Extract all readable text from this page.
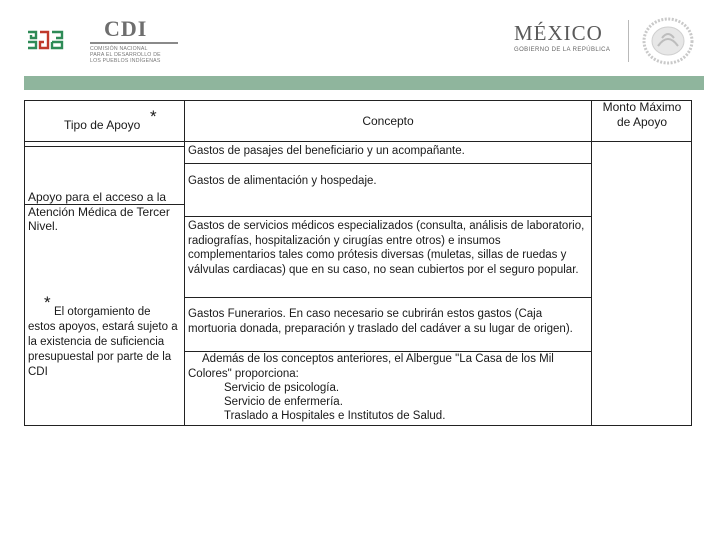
CDI
COMISIÓN NACIONAL
PARA EL DESARROLLO DE
LOS PUEBLOS INDÍGENAS
MÉXICO
GOBIERNO DE LA REPÚBLICA
Tipo de Apoyo *	Concepto
Monto Máximo de Apoyo
Apoyo para el acceso a la Atención Médica de Tercer Nivel.
* El otorgamiento de
estos apoyos, estará sujeto a la existencia de suficiencia presupuestal por parte de la CDI
Gastos de pasajes del beneficiario y un acompañante.
Gastos de alimentación y hospedaje.
Gastos de servicios médicos especializados (consulta, análisis de laboratorio, radiografías, hospitalización y cirugías entre otros) e insumos complementarios tales como prótesis diversas (muletas, sillas de ruedas y válvulas cardiacas) que en su caso, no sean cubiertos por el seguro popular.
Gastos Funerarios. En caso necesario se cubrirán estos gastos (Caja mortuoria donada, preparación y traslado del cadáver a su lugar de origen).
Además de los conceptos anteriores, el Albergue "La Casa de los Mil Colores" proporciona:
Servicio de psicología.
Servicio de enfermería.
Traslado a Hospitales e Institutos de Salud.
